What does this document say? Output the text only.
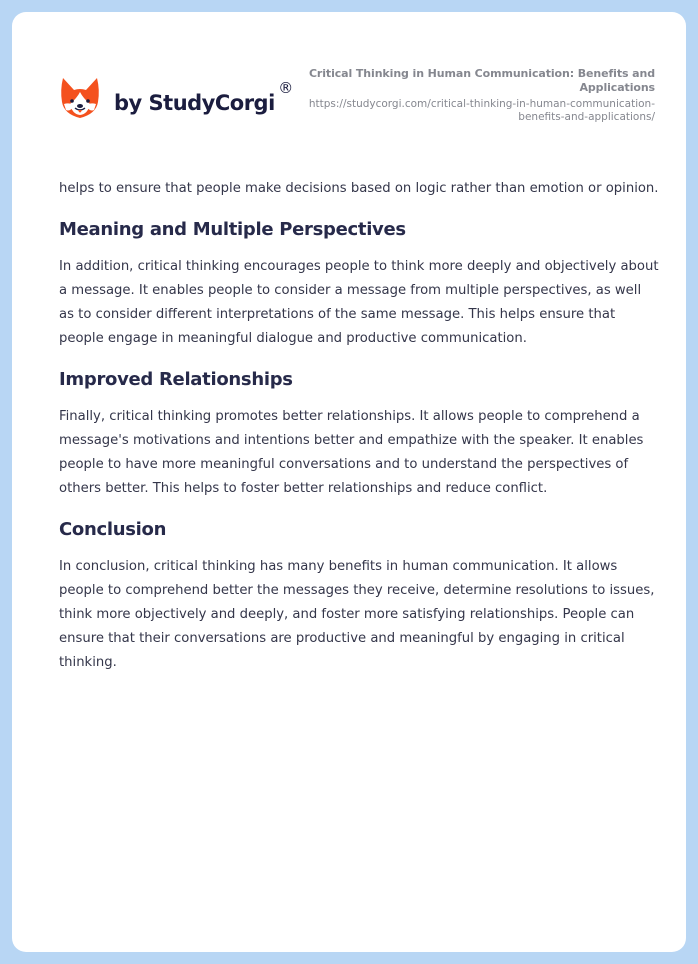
by StudyCorgi
®
Critical Thinking in Human Communication: Benefits and Applications
https://studycorgi.com/critical-thinking-in-human-communication-benefits-and-applications/

helps to ensure that people make decisions based on logic rather than emotion or opinion.

Meaning and Multiple Perspectives

In addition, critical thinking encourages people to think more deeply and objectively about a message. It enables people to consider a message from multiple perspectives, as well as to consider different interpretations of the same message. This helps ensure that people engage in meaningful dialogue and productive communication.

Improved Relationships

Finally, critical thinking promotes better relationships. It allows people to comprehend a message's motivations and intentions better and empathize with the speaker. It enables people to have more meaningful conversations and to understand the perspectives of others better. This helps to foster better relationships and reduce conflict.

Conclusion

In conclusion, critical thinking has many benefits in human communication. It allows people to comprehend better the messages they receive, determine resolutions to issues, think more objectively and deeply, and foster more satisfying relationships. People can ensure that their conversations are productive and meaningful by engaging in critical thinking.
